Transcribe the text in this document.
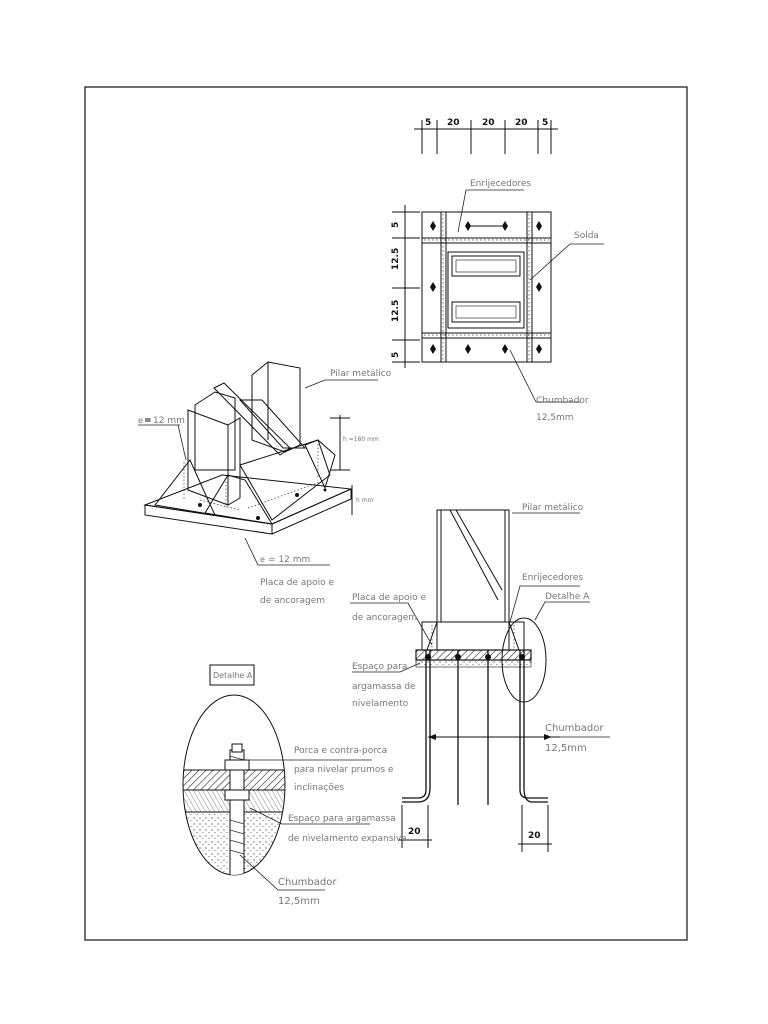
5 20 20 20 5
5
12.5
12.5
5
Enrijecedores
Solda
Chumbador
12,5mm
h =180 mm
h mm
Pilar metálico
e = 12 mm
e = 12 mm
Placa de apoio e
de ancoragem
Chumbador
12,5mm
20	20
Pilar metálico
Enrijecedores
Detalhe A
Placa de apoio e
de ancoragem
Espaço para
argamassa de
nivelamento
Detalhe A
Porca e contra-porca
para nivelar prumos e
inclinações
Espaço para argamassa
de nivelamento expansiva
Chumbador
12,5mm
